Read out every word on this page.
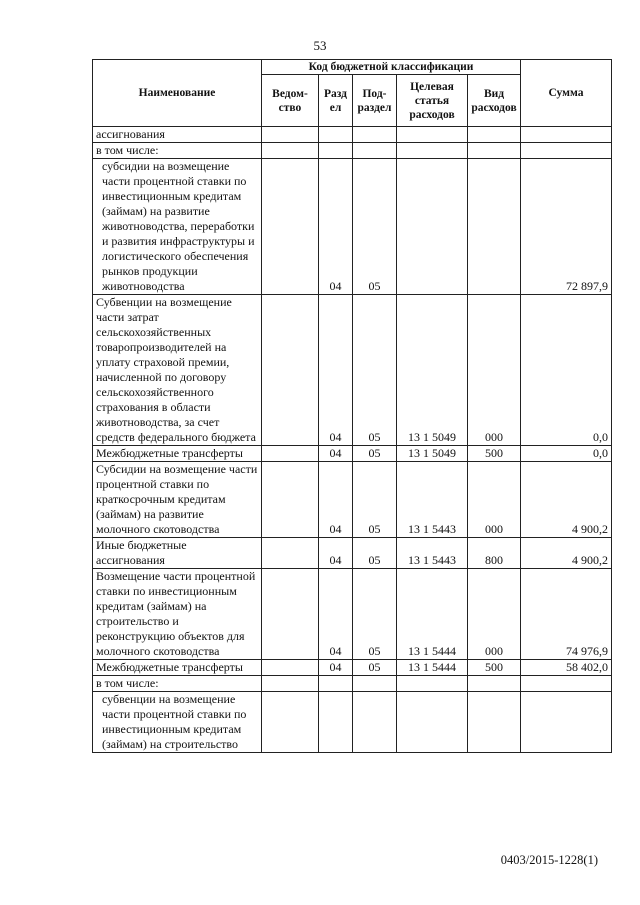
53
Наименование	Код бюджетной классификации					Сумма
	Ведом-ство	Разд ел	Под-раздел	Целевая статья расходов	Вид расходов	
ассигнования						
в том числе:						
субсидии на возмещение части процентной ставки по инвестиционным кредитам (займам) на развитие животноводства, переработки и развития инфраструктуры и логистического обеспечения рынков продукции животноводства		04	05			72 897,9
Субвенции на возмещение части затрат сельскохозяйственных товаропроизводителей на уплату страховой премии, начисленной по договору сельскохозяйственного страхования в области животноводства, за счет средств федерального бюджета		04	05	13 1 5049	000	0,0
Межбюджетные трансферты		04	05	13 1 5049	500	0,0
Субсидии на возмещение части процентной ставки по краткосрочным кредитам (займам) на развитие молочного скотоводства		04	05	13 1 5443	000	4 900,2
Иные бюджетные ассигнования		04	05	13 1 5443	800	4 900,2
Возмещение части процентной ставки по инвестиционным кредитам (займам) на строительство и реконструкцию объектов для молочного скотоводства		04	05	13 1 5444	000	74 976,9
Межбюджетные трансферты		04	05	13 1 5444	500	58 402,0
в том числе:						
субвенции на возмещение части процентной ставки по инвестиционным кредитам (займам) на строительство						
0403/2015-1228(1)
